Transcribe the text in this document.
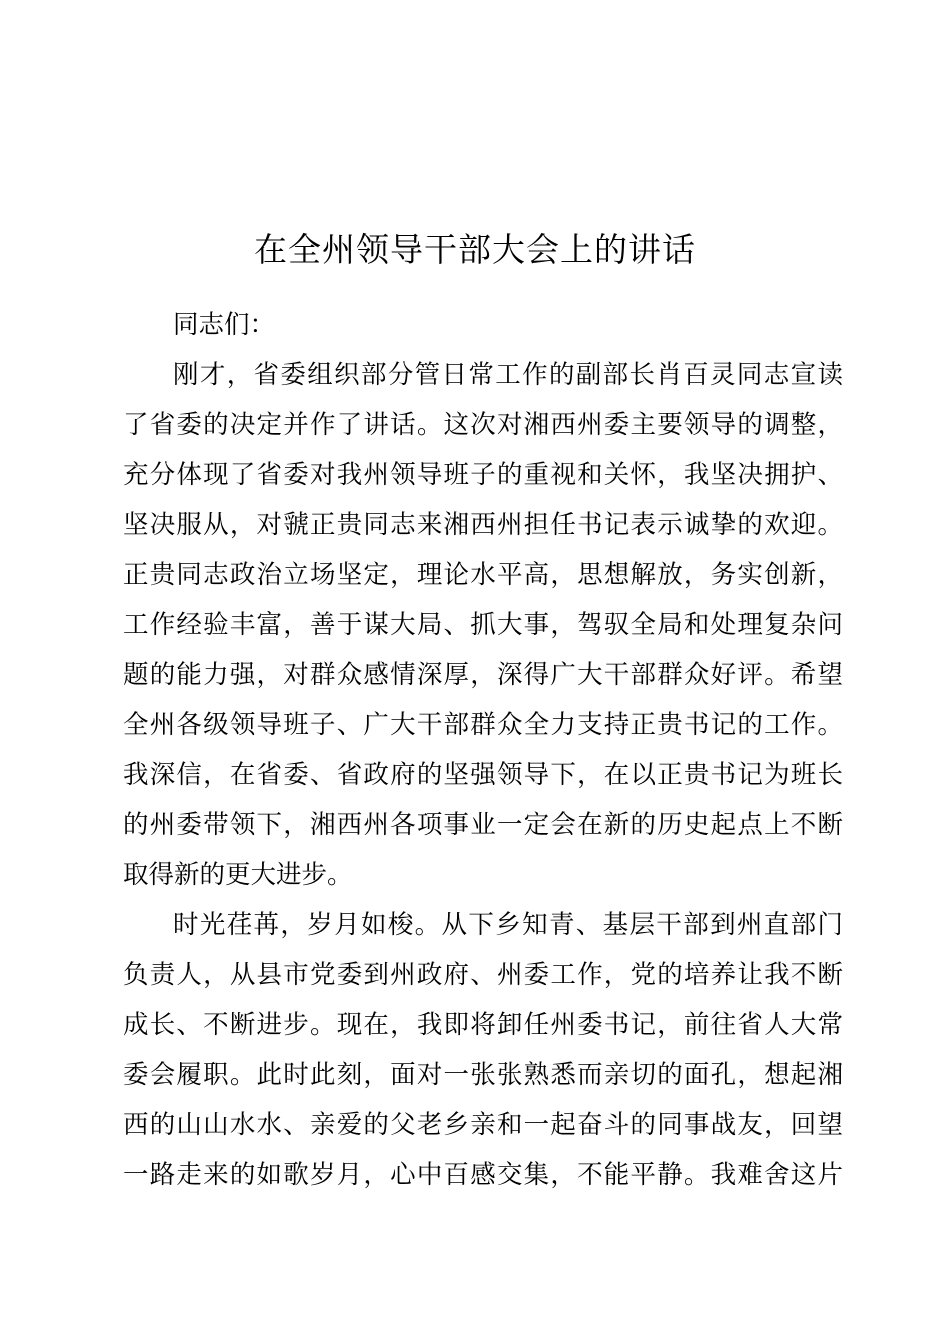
在全州领导干部大会上的讲话
同志们：
刚才，省委组织部分管日常工作的副部长肖百灵同志宣读
了省委的决定并作了讲话。这次对湘西州委主要领导的调整，
充分体现了省委对我州领导班子的重视和关怀，我坚决拥护、
坚决服从，对虢正贵同志来湘西州担任书记表示诚挚的欢迎。
正贵同志政治立场坚定，理论水平高，思想解放，务实创新，
工作经验丰富，善于谋大局、抓大事，驾驭全局和处理复杂问
题的能力强，对群众感情深厚，深得广大干部群众好评。希望
全州各级领导班子、广大干部群众全力支持正贵书记的工作。
我深信，在省委、省政府的坚强领导下，在以正贵书记为班长
的州委带领下，湘西州各项事业一定会在新的历史起点上不断
取得新的更大进步。
时光荏苒，岁月如梭。从下乡知青、基层干部到州直部门
负责人，从县市党委到州政府、州委工作，党的培养让我不断
成长、不断进步。现在，我即将卸任州委书记，前往省人大常
委会履职。此时此刻，面对一张张熟悉而亲切的面孔，想起湘
西的山山水水、亲爱的父老乡亲和一起奋斗的同事战友，回望
一路走来的如歌岁月，心中百感交集，不能平静。我难舍这片
